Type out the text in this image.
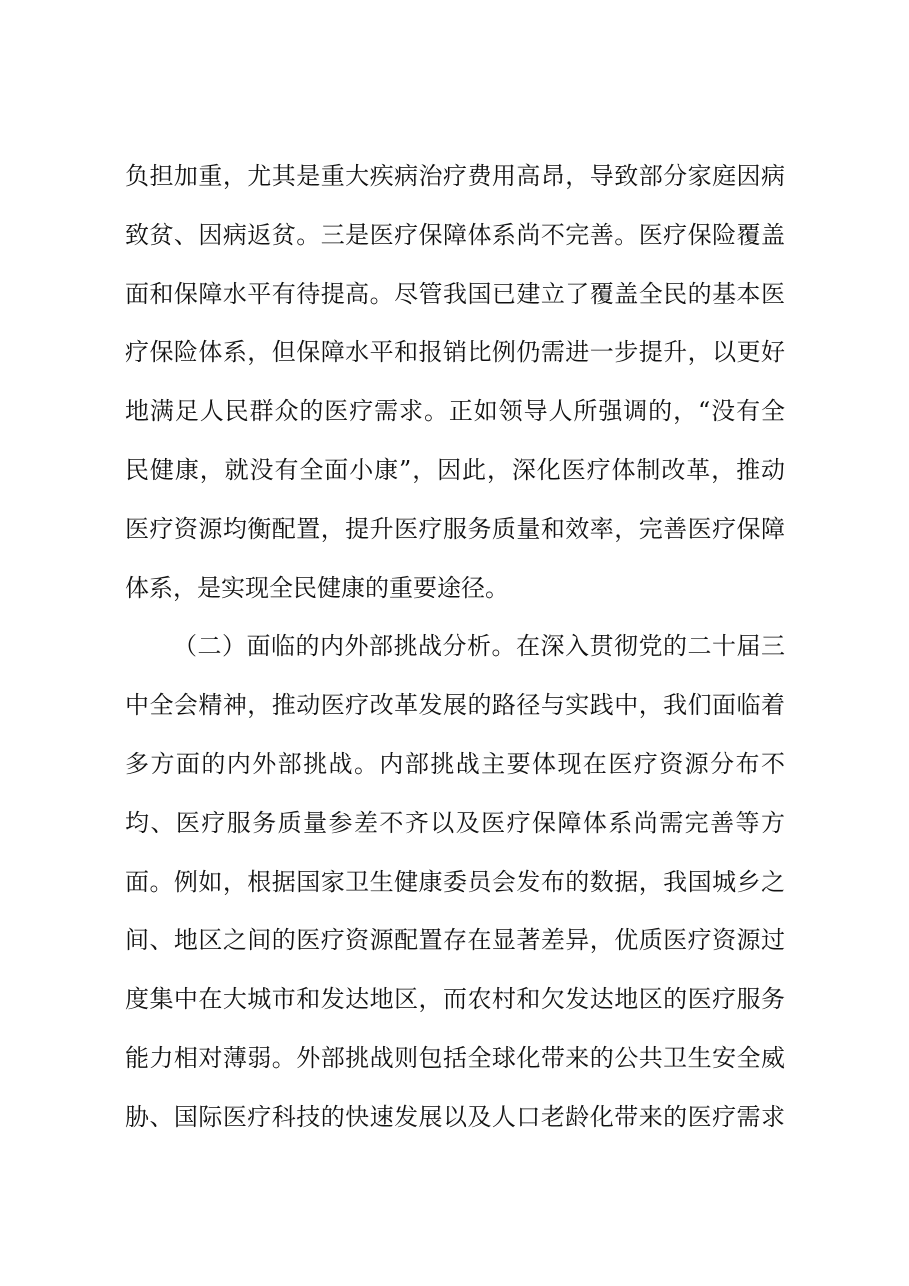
负担加重，尤其是重大疾病治疗费用高昂，导致部分家庭因病
致贫、因病返贫。三是医疗保障体系尚不完善。医疗保险覆盖
面和保障水平有待提高。尽管我国已建立了覆盖全民的基本医
疗保险体系，但保障水平和报销比例仍需进一步提升，以更好
地满足人民群众的医疗需求。正如领导人所强调的，“没有全
民健康，就没有全面小康”，因此，深化医疗体制改革，推动
医疗资源均衡配置，提升医疗服务质量和效率，完善医疗保障
体系，是实现全民健康的重要途径。
（二）面临的内外部挑战分析。在深入贯彻党的二十届三
中全会精神，推动医疗改革发展的路径与实践中，我们面临着
多方面的内外部挑战。内部挑战主要体现在医疗资源分布不
均、医疗服务质量参差不齐以及医疗保障体系尚需完善等方
面。例如，根据国家卫生健康委员会发布的数据，我国城乡之
间、地区之间的医疗资源配置存在显著差异，优质医疗资源过
度集中在大城市和发达地区，而农村和欠发达地区的医疗服务
能力相对薄弱。外部挑战则包括全球化带来的公共卫生安全威
胁、国际医疗科技的快速发展以及人口老龄化带来的医疗需求
